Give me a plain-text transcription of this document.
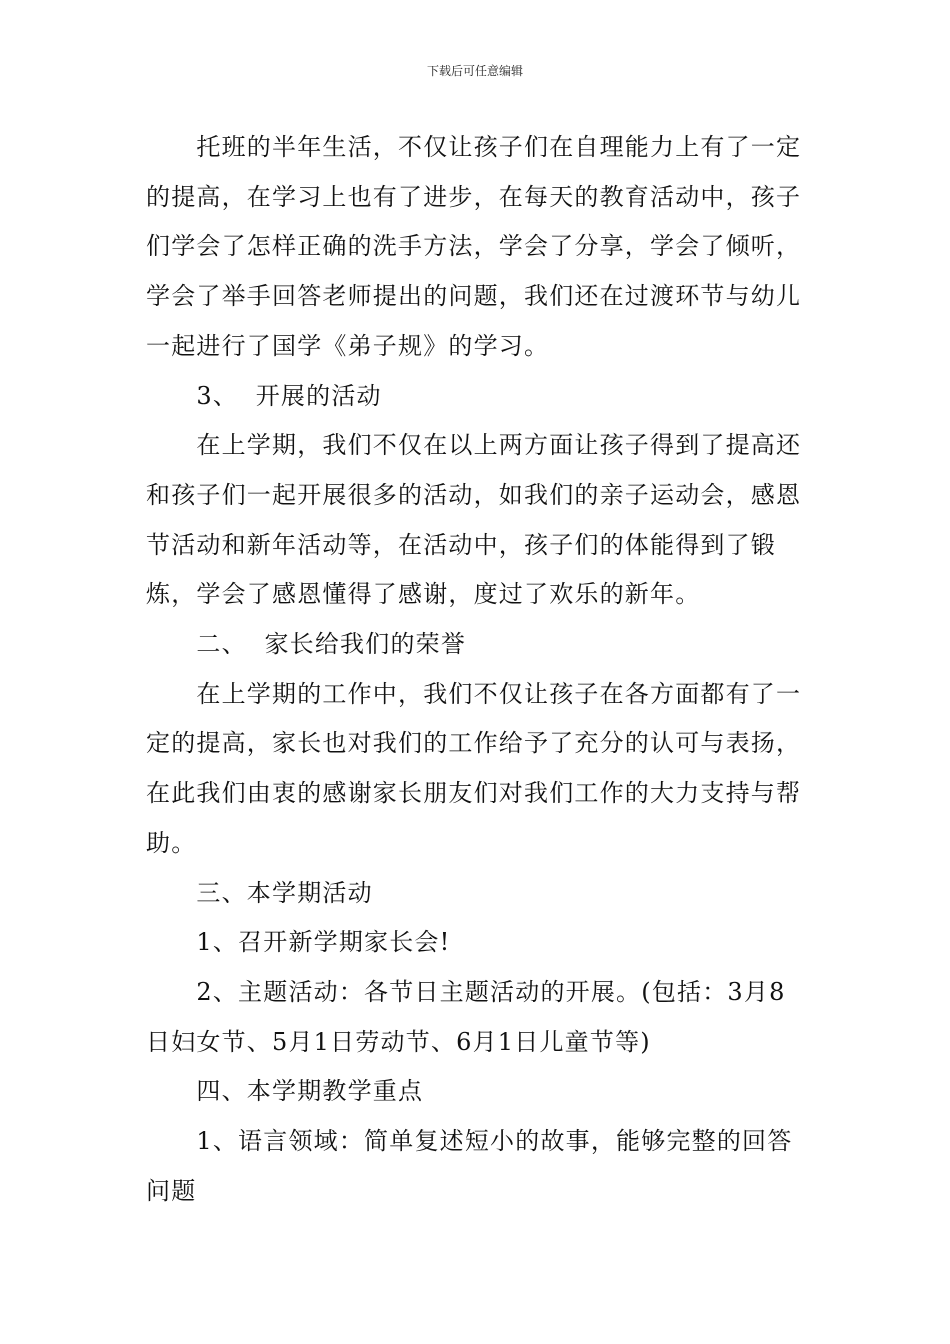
下载后可任意编辑

托班的半年生活，不仅让孩子们在自理能力上有了一定的提高，在学习上也有了进步，在每天的教育活动中，孩子们学会了怎样正确的洗手方法，学会了分享，学会了倾听，学会了举手回答老师提出的问题，我们还在过渡环节与幼儿一起进行了国学《弟子规》的学习。

3、  开展的活动

在上学期，我们不仅在以上两方面让孩子得到了提高还和孩子们一起开展很多的活动，如我们的亲子运动会，感恩节活动和新年活动等，在活动中，孩子们的体能得到了锻炼，学会了感恩懂得了感谢，度过了欢乐的新年。

二、  家长给我们的荣誉

在上学期的工作中，我们不仅让孩子在各方面都有了一定的提高，家长也对我们的工作给予了充分的认可与表扬，在此我们由衷的感谢家长朋友们对我们工作的大力支持与帮助。

三、本学期活动

1、召开新学期家长会!

2、主题活动：各节日主题活动的开展。(包括：3月8日妇女节、5月1日劳动节、6月1日儿童节等)

四、本学期教学重点

1、语言领域：简单复述短小的故事，能够完整的回答问题
